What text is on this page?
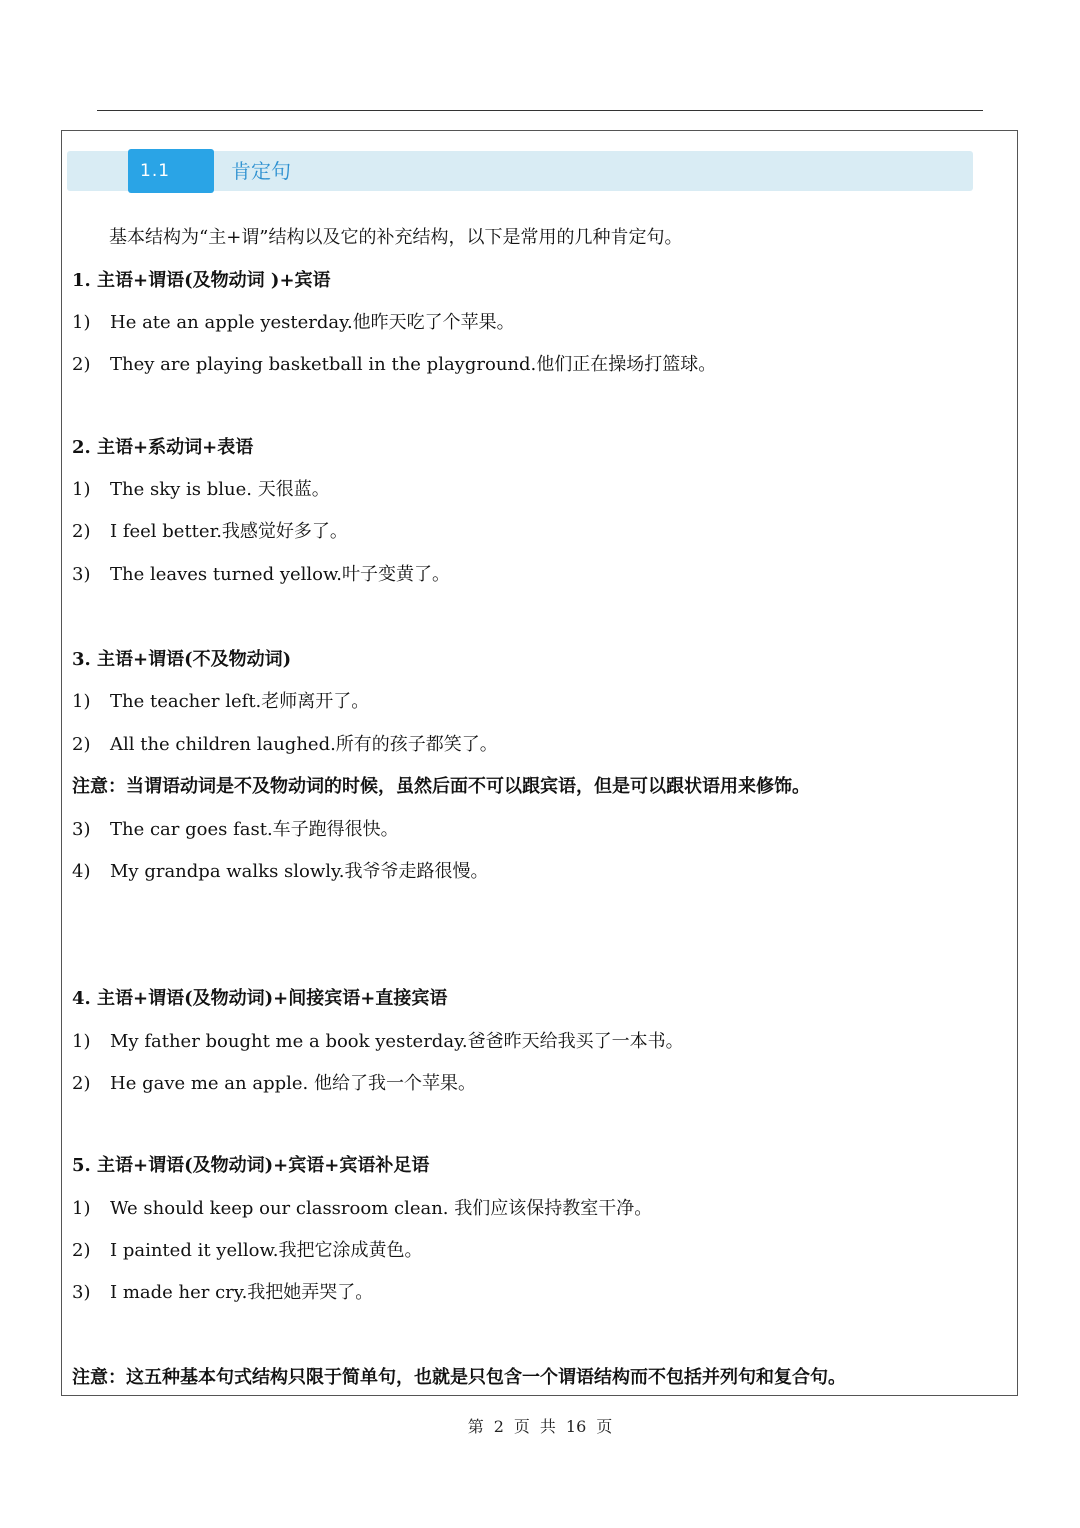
1.1	肯定句
基本结构为“主+谓”结构以及它的补充结构，以下是常用的几种肯定句。
1. 主语+谓语(及物动词 )+宾语
1) He ate an apple yesterday.他昨天吃了个苹果。
2) They are playing basketball in the playground.他们正在操场打篮球。
2. 主语+系动词+表语
1) The sky is blue. 天很蓝。
2) I feel better.我感觉好多了。
3) The leaves turned yellow.叶子变黄了。
3. 主语+谓语(不及物动词)
1) The teacher left.老师离开了。
2) All the children laughed.所有的孩子都笑了。
注意：当谓语动词是不及物动词的时候，虽然后面不可以跟宾语，但是可以跟状语用来修饰。
3) The car goes fast.车子跑得很快。
4) My grandpa walks slowly.我爷爷走路很慢。
4. 主语+谓语(及物动词)+间接宾语+直接宾语
1) My father bought me a book yesterday.爸爸昨天给我买了一本书。
2) He gave me an apple. 他给了我一个苹果。
5. 主语+谓语(及物动词)+宾语+宾语补足语
1) We should keep our classroom clean. 我们应该保持教室干净。
2) I painted it yellow.我把它涂成黄色。
3) I made her cry.我把她弄哭了。
注意：这五种基本句式结构只限于简单句，也就是只包含一个谓语结构而不包括并列句和复合句。
第 2 页 共 16 页
